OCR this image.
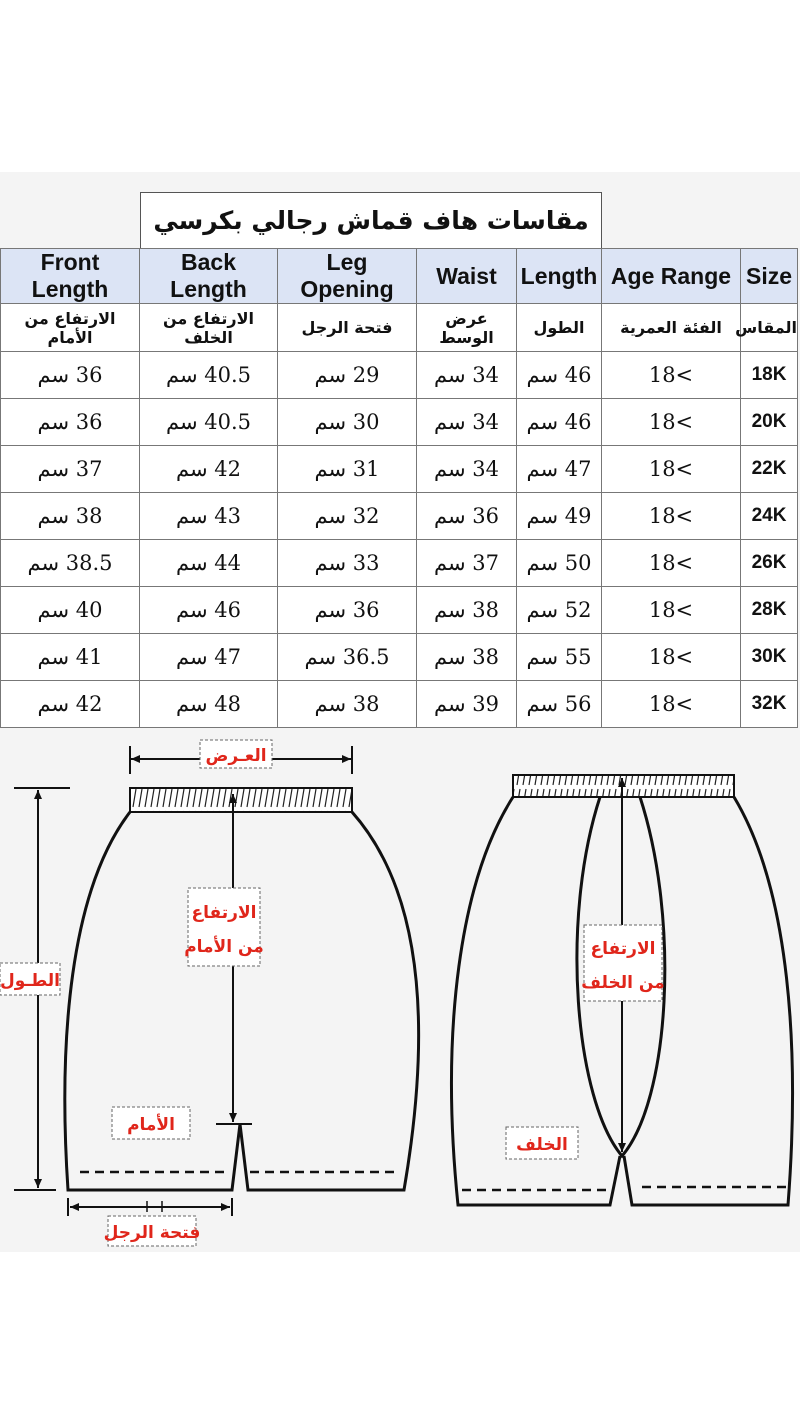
مقاسات هاف قماش رجالي بكرسي
Front Length	Back Length	Leg Opening	Waist	Length	Age Range	Size
الارتفاع من الأمام	الارتفاع من الخلف	فتحة الرجل	عرض الوسط	الطول	الفئة العمرية	المقاس
36 سم	40.5 سم	29 سم	34 سم	46 سم	18<	18K
36 سم	40.5 سم	30 سم	34 سم	46 سم	18<	20K
37 سم	42 سم	31 سم	34 سم	47 سم	18<	22K
38 سم	43 سم	32 سم	36 سم	49 سم	18<	24K
38.5 سم	44 سم	33 سم	37 سم	50 سم	18<	26K
40 سم	46 سم	36 سم	38 سم	52 سم	18<	28K
41 سم	47 سم	36.5 سم	38 سم	55 سم	18<	30K
42 سم	48 سم	38 سم	39 سم	56 سم	18<	32K
العـرض
الارتفاع
من الأمام
الطـول
الأمام
فتحة الرجل
الارتفاع
من الخلف
الخلف
